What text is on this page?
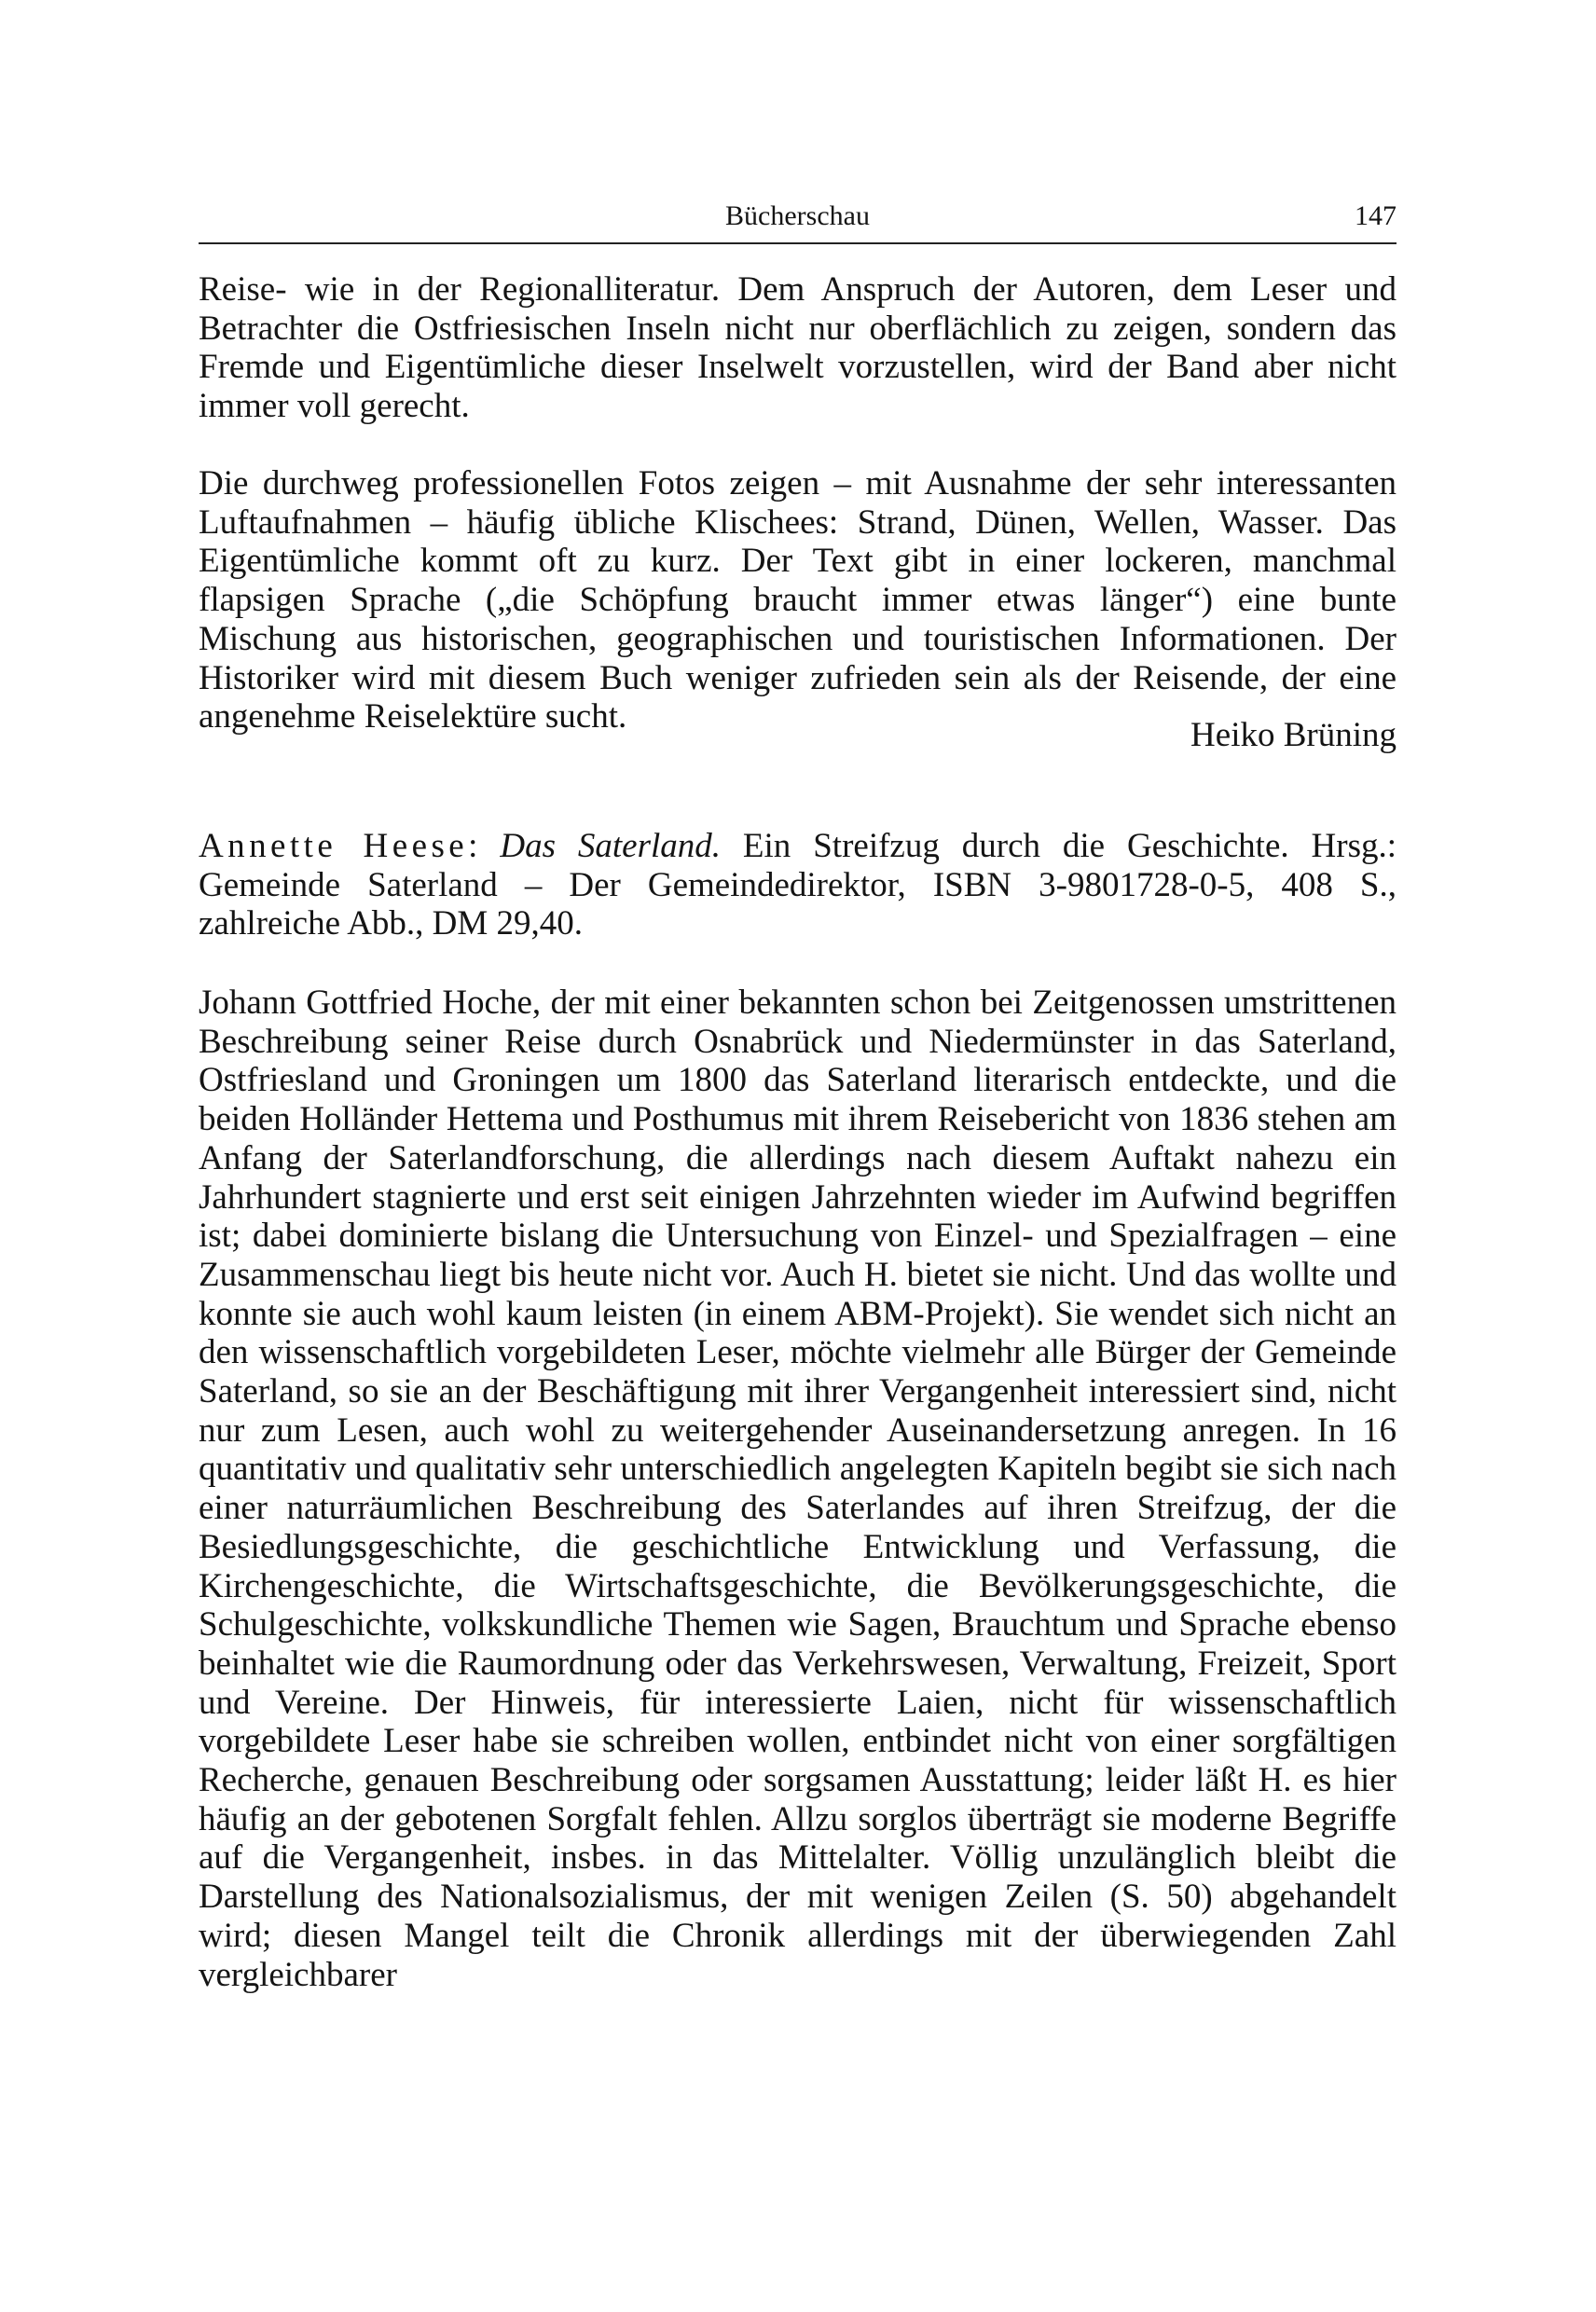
Bücherschau	147

Reise- wie in der Regionalliteratur. Dem Anspruch der Autoren, dem Leser und Betrachter die Ostfriesischen Inseln nicht nur oberflächlich zu zeigen, sondern das Fremde und Eigentümliche dieser Inselwelt vorzustellen, wird der Band aber nicht immer voll gerecht.

Die durchweg professionellen Fotos zeigen – mit Ausnahme der sehr interessanten Luftaufnahmen – häufig übliche Klischees: Strand, Dünen, Wellen, Wasser. Das Eigentümliche kommt oft zu kurz. Der Text gibt in einer lockeren, manchmal flapsigen Sprache („die Schöpfung braucht immer etwas länger“) eine bunte Mischung aus historischen, geographischen und touristischen Informationen. Der Historiker wird mit diesem Buch weniger zufrieden sein als der Reisende, der eine angenehme Reiselektüre sucht.	Heiko Brüning

Annette Heese: Das Saterland. Ein Streifzug durch die Geschichte. Hrsg.: Gemeinde Saterland – Der Gemeindedirektor, ISBN 3-9801728-0-5, 408 S., zahlreiche Abb., DM 29,40.

Johann Gottfried Hoche, der mit einer bekannten schon bei Zeitgenossen umstrittenen Beschreibung seiner Reise durch Osnabrück und Niedermünster in das Saterland, Ostfriesland und Groningen um 1800 das Saterland literarisch entdeckte, und die beiden Holländer Hettema und Posthumus mit ihrem Reisebericht von 1836 stehen am Anfang der Saterlandforschung, die allerdings nach diesem Auftakt nahezu ein Jahrhundert stagnierte und erst seit einigen Jahrzehnten wieder im Aufwind begriffen ist; dabei dominierte bislang die Untersuchung von Einzel- und Spezialfragen – eine Zusammenschau liegt bis heute nicht vor. Auch H. bietet sie nicht. Und das wollte und konnte sie auch wohl kaum leisten (in einem ABM-Projekt). Sie wendet sich nicht an den wissenschaftlich vorgebildeten Leser, möchte vielmehr alle Bürger der Gemeinde Saterland, so sie an der Beschäftigung mit ihrer Vergangenheit interessiert sind, nicht nur zum Lesen, auch wohl zu weitergehender Auseinandersetzung anregen. In 16 quantitativ und qualitativ sehr unterschiedlich angelegten Kapiteln begibt sie sich nach einer naturräumlichen Beschreibung des Saterlandes auf ihren Streifzug, der die Besiedlungsgeschichte, die geschichtliche Entwicklung und Verfassung, die Kirchengeschichte, die Wirtschaftsgeschichte, die Bevölkerungsgeschichte, die Schulgeschichte, volkskundliche Themen wie Sagen, Brauchtum und Sprache ebenso beinhaltet wie die Raumordnung oder das Verkehrswesen, Verwaltung, Freizeit, Sport und Vereine. Der Hinweis, für interessierte Laien, nicht für wissenschaftlich vorgebildete Leser habe sie schreiben wollen, entbindet nicht von einer sorgfältigen Recherche, genauen Beschreibung oder sorgsamen Ausstattung; leider läßt H. es hier häufig an der gebotenen Sorgfalt fehlen. Allzu sorglos überträgt sie moderne Begriffe auf die Vergangenheit, insbes. in das Mittelalter. Völlig unzulänglich bleibt die Darstellung des Nationalsozialismus, der mit wenigen Zeilen (S. 50) abgehandelt wird; diesen Mangel teilt die Chronik allerdings mit der überwiegenden Zahl vergleichbarer
